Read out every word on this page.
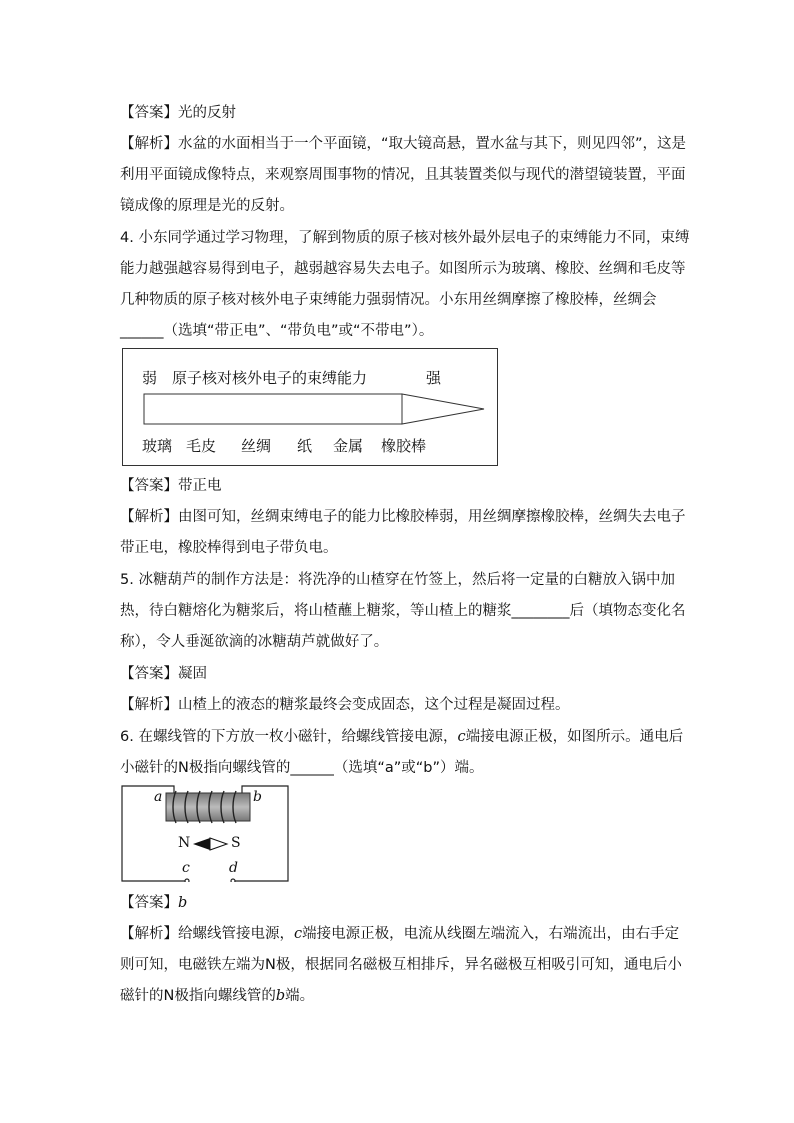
【答案】光的反射
【解析】水盆的水面相当于一个平面镜，“取大镜高悬，置水盆与其下，则见四邻”，这是
利用平面镜成像特点，来观察周围事物的情况，且其装置类似与现代的潜望镜装置，平面
镜成像的原理是光的反射。
4. 小东同学通过学习物理，了解到物质的原子核对核外最外层电子的束缚能力不同，束缚
能力越强越容易得到电子，越弱越容易失去电子。如图所示为玻璃、橡胶、丝绸和毛皮等
几种物质的原子核对核外电子束缚能力强弱情况。小东用丝绸摩擦了橡胶棒，丝绸会
______（选填“带正电”、“带负电”或“不带电”）。
【答案】带正电
【解析】由图可知，丝绸束缚电子的能力比橡胶棒弱，用丝绸摩擦橡胶棒，丝绸失去电子
带正电，橡胶棒得到电子带负电。
5. 冰糖葫芦的制作方法是：将洗净的山楂穿在竹签上，然后将一定量的白糖放入锅中加
热，待白糖熔化为糖浆后，将山楂蘸上糖浆，等山楂上的糖浆________后（填物态变化名
称），令人垂涎欲滴的冰糖葫芦就做好了。
【答案】凝固
【解析】山楂上的液态的糖浆最终会变成固态，这个过程是凝固过程。
6. 在螺线管的下方放一枚小磁针，给螺线管接电源，c端接电源正极，如图所示。通电后
小磁针的N极指向螺线管的______（选填“a”或“b”）端。
【答案】b
【解析】给螺线管接电源，c端接电源正极，电流从线圈左端流入，右端流出，由右手定
则可知，电磁铁左端为N极，根据同名磁极互相排斥，异名磁极互相吸引可知，通电后小
磁针的N极指向螺线管的b端。
弱 原子核对核外电子的束缚能力	强
玻璃 毛皮 丝绸 纸 金属 橡胶棒
a	b
N	S
c	d
